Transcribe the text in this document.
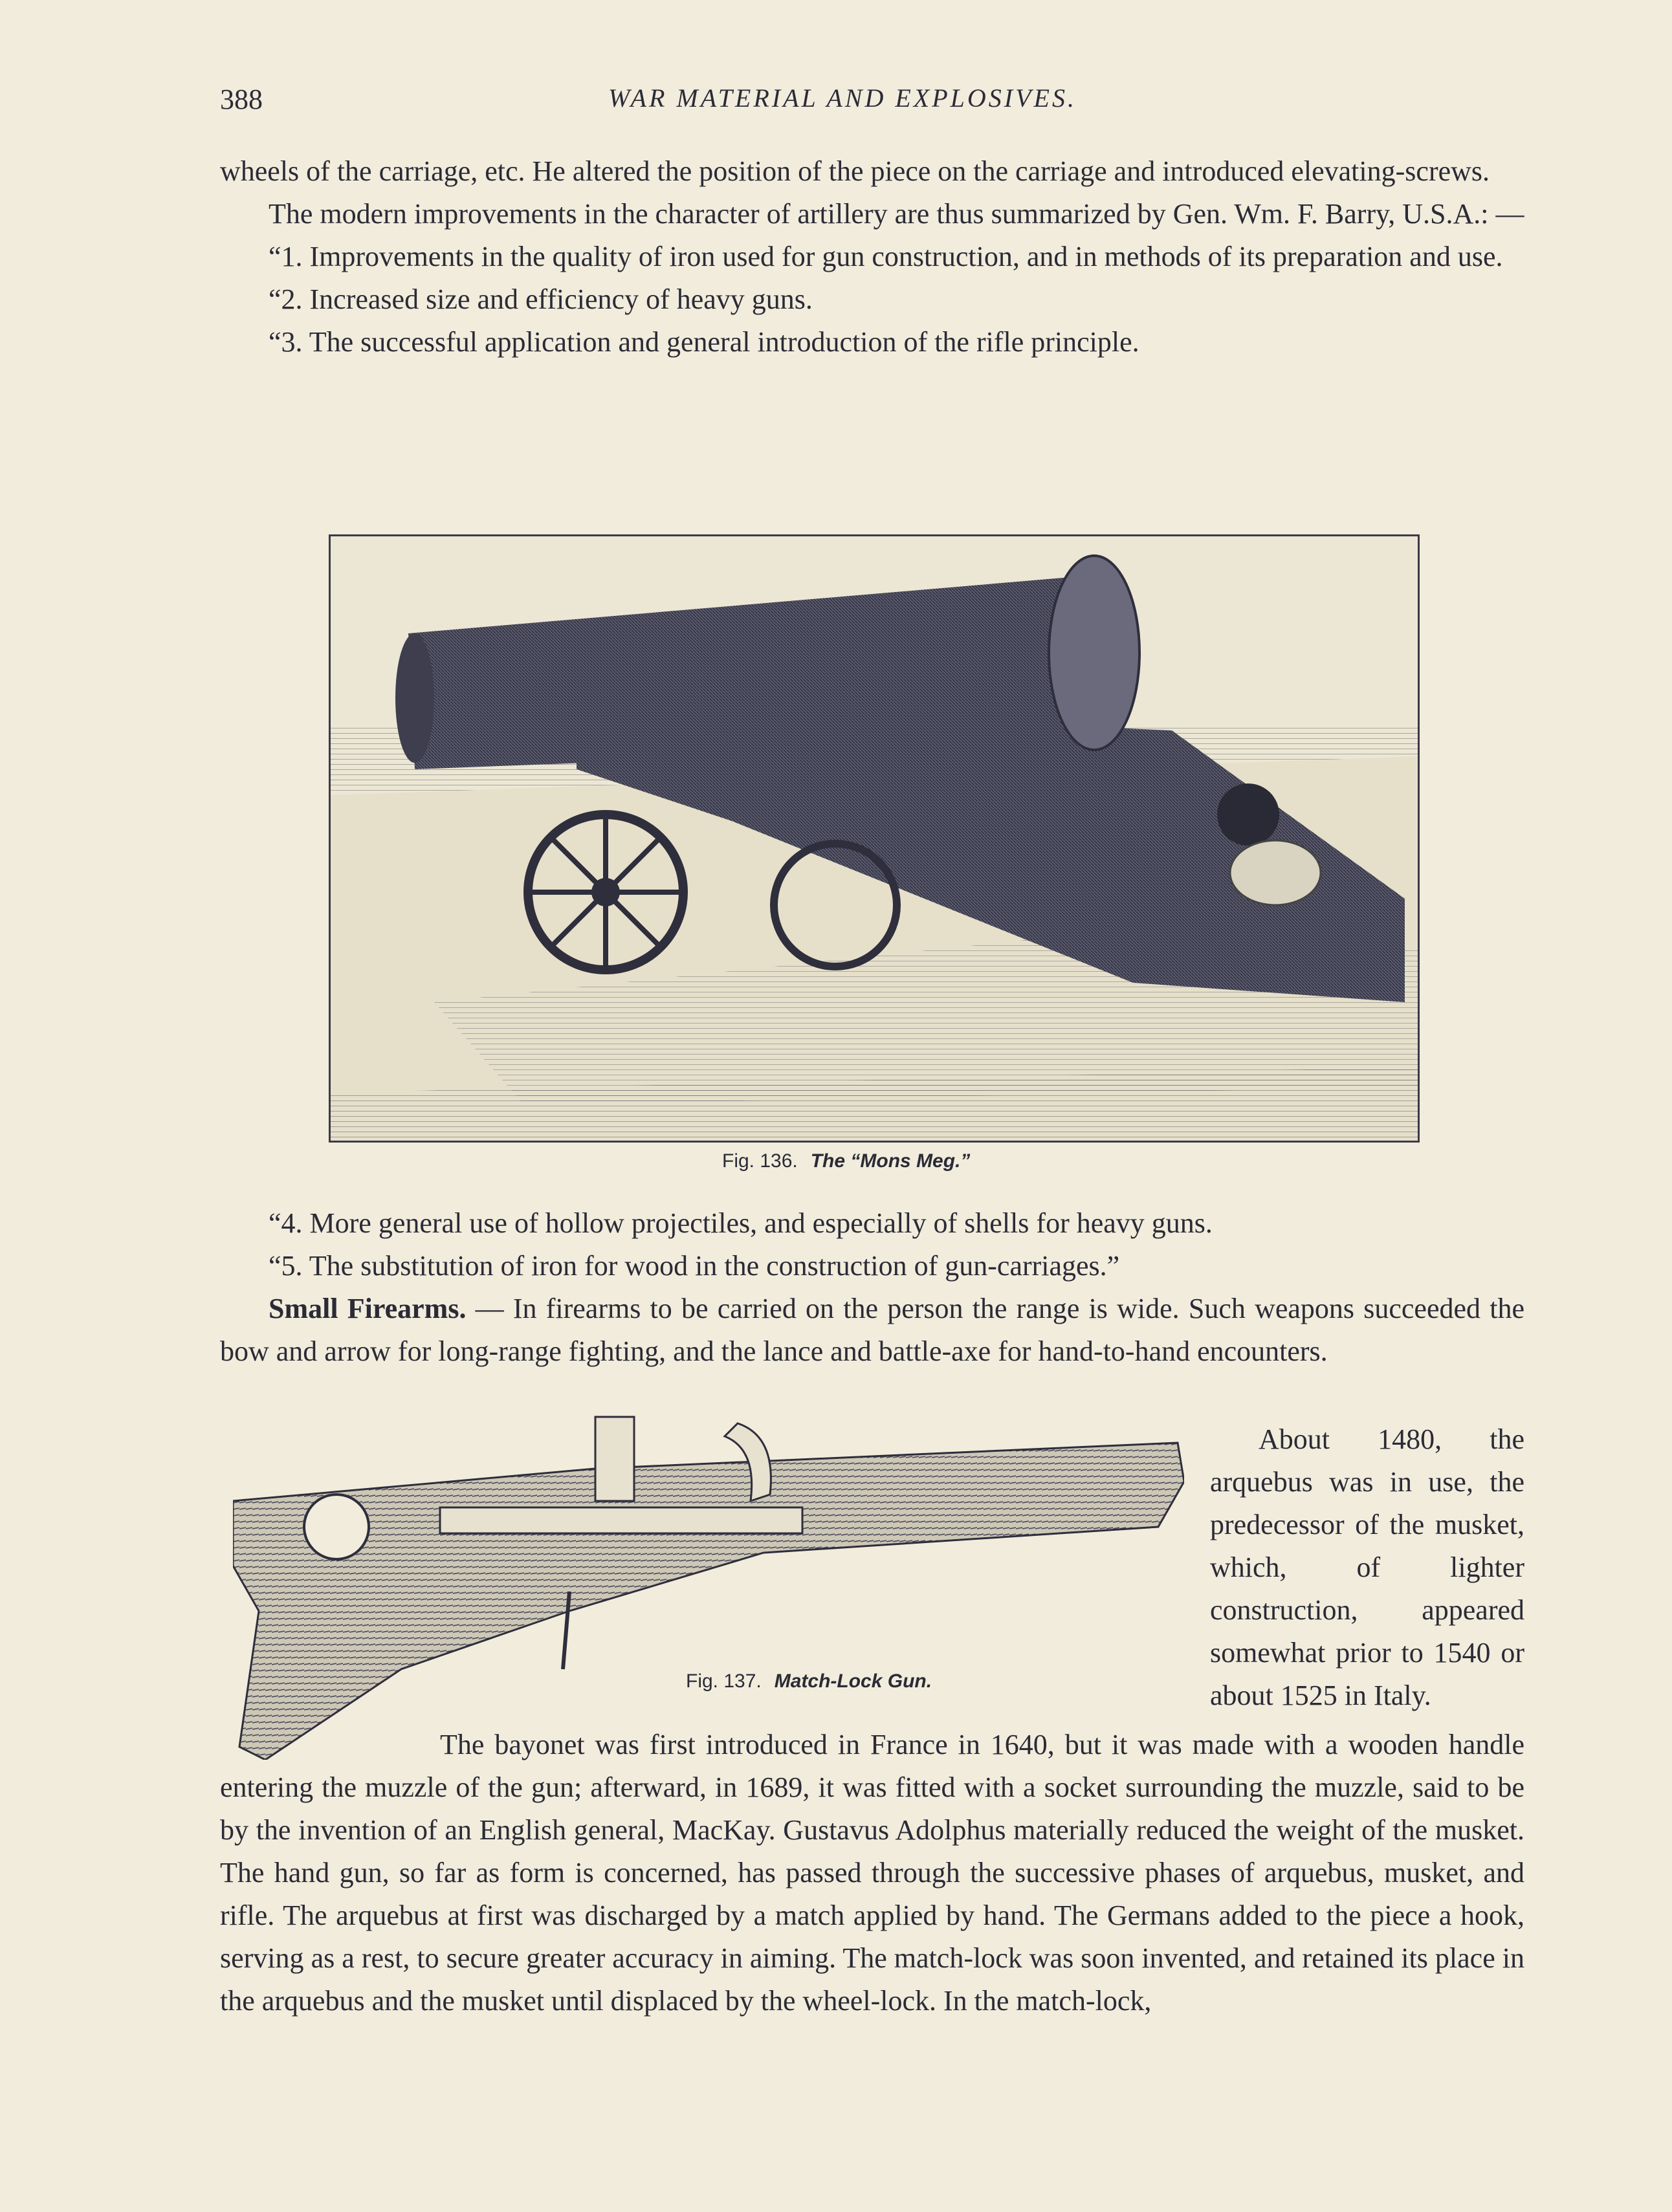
388	WAR MATERIAL AND EXPLOSIVES.

wheels of the carriage, etc. He altered the position of the piece on the carriage and introduced elevating-screws.

The modern improvements in the character of artillery are thus summarized by Gen. Wm. F. Barry, U.S.A.: —

“1. Improvements in the quality of iron used for gun construction, and in methods of its preparation and use.

“2. Increased size and efficiency of heavy guns.

“3. The successful application and general introduction of the rifle principle.

Fig. 136. The “Mons Meg.”

“4. More general use of hollow projectiles, and especially of shells for heavy guns.

“5. The substitution of iron for wood in the construction of gun-carriages.”

Small Firearms. — In firearms to be carried on the person the range is wide. Such weapons succeeded the bow and arrow for long-range fighting, and the lance and battle-axe for hand-to-hand encounters.

About 1480, the arquebus was in use, the predecessor of the musket, which, of lighter construction, appeared somewhat prior to 1540 or about 1525 in Italy.

Fig. 137. Match-Lock Gun.

The bayonet was first introduced in France in 1640, but it was made with a wooden handle entering the muzzle of the gun; afterward, in 1689, it was fitted with a socket surrounding the muzzle, said to be by the invention of an English general, MacKay. Gustavus Adolphus materially reduced the weight of the musket. The hand gun, so far as form is concerned, has passed through the successive phases of arquebus, musket, and rifle. The arquebus at first was discharged by a match applied by hand. The Germans added to the piece a hook, serving as a rest, to secure greater accuracy in aiming. The match-lock was soon invented, and retained its place in the arquebus and the musket until displaced by the wheel-lock. In the match-lock,
